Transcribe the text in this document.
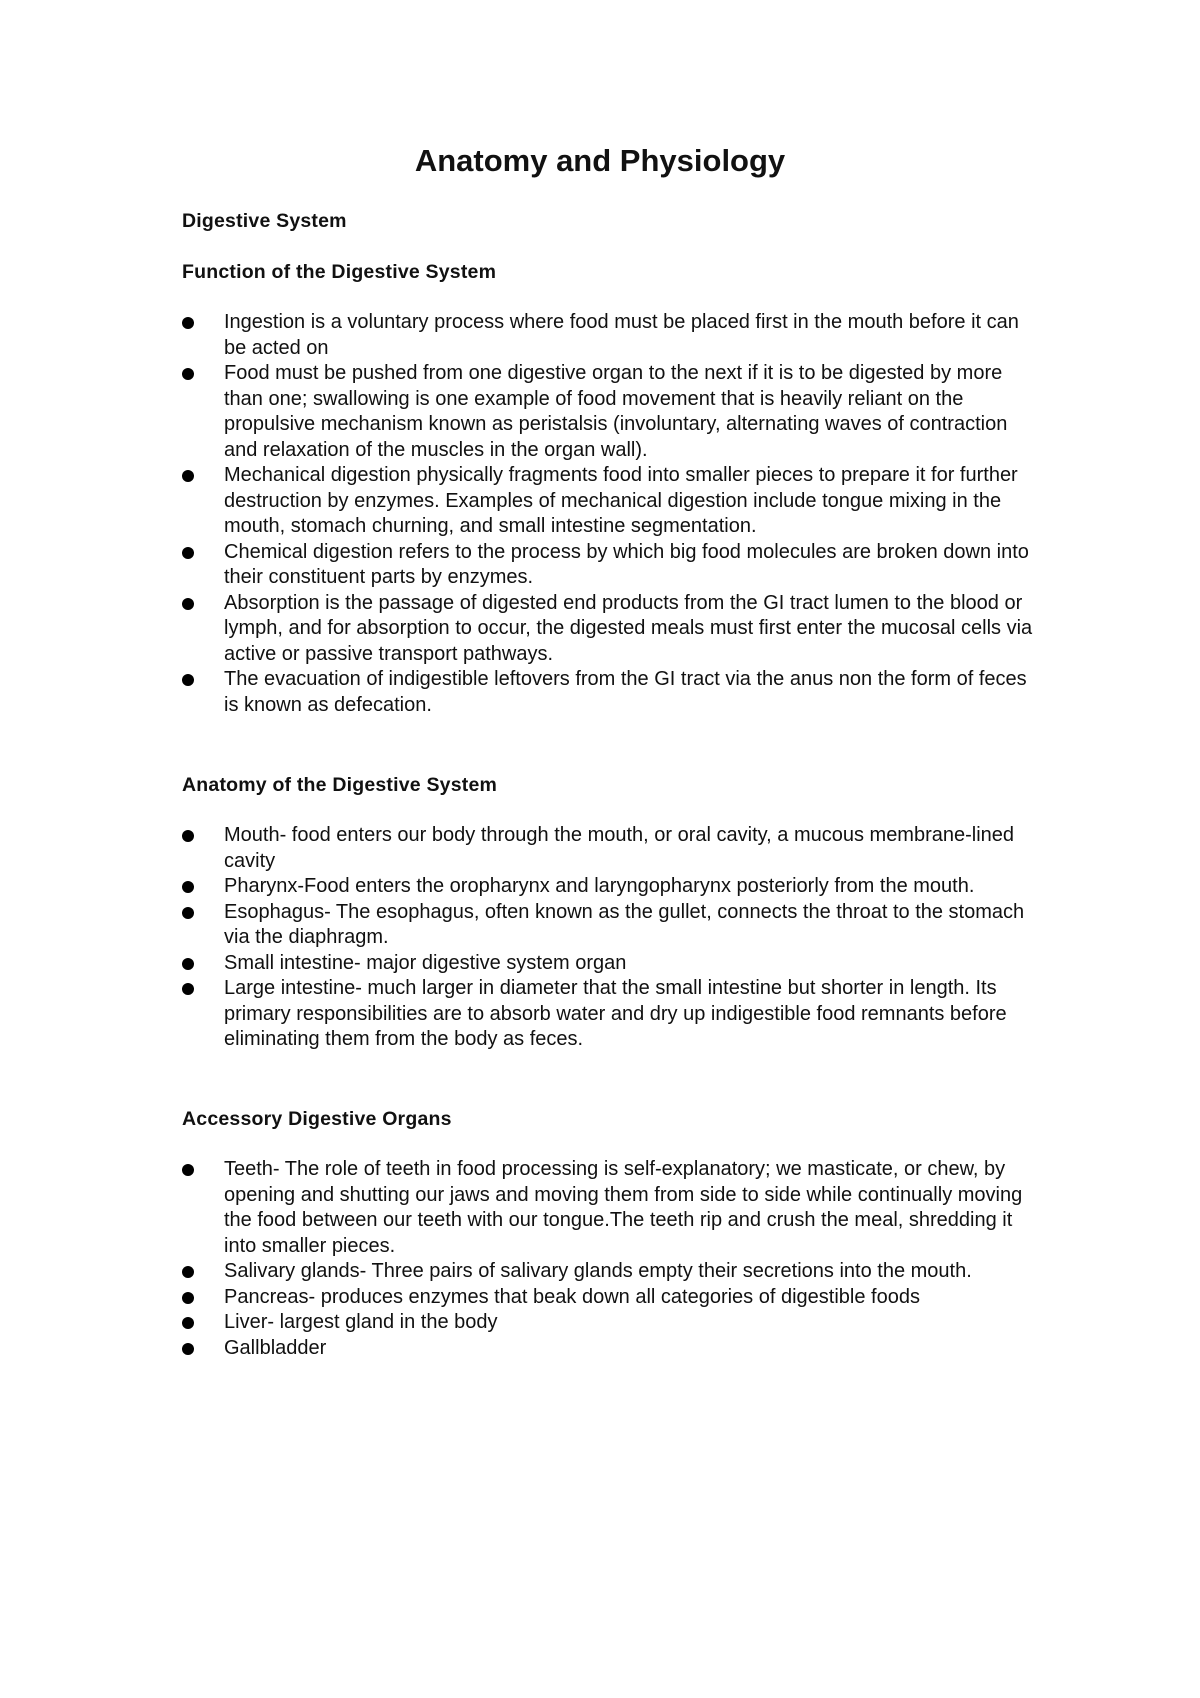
Anatomy and Physiology
Digestive System
Function of the Digestive System
Ingestion is a voluntary process where food must be placed first in the mouth before it can be acted on
Food must be pushed from one digestive organ to the next if it is to be digested by more than one; swallowing is one example of food movement that is heavily reliant on the propulsive mechanism known as peristalsis (involuntary, alternating waves of contraction and relaxation of the muscles in the organ wall).
Mechanical digestion physically fragments food into smaller pieces to prepare it for further destruction by enzymes. Examples of mechanical digestion include tongue mixing in the mouth, stomach churning, and small intestine segmentation.
Chemical digestion refers to the process by which big food molecules are broken down into their constituent parts by enzymes.
Absorption is the passage of digested end products from the GI tract lumen to the blood or lymph, and for absorption to occur, the digested meals must first enter the mucosal cells via active or passive transport pathways.
The evacuation of indigestible leftovers from the GI tract via the anus non the form of feces is known as defecation.
Anatomy of the Digestive System
Mouth- food enters our body through the mouth, or oral cavity, a mucous membrane-lined cavity
Pharynx-Food enters the oropharynx and laryngopharynx posteriorly from the mouth.
Esophagus- The esophagus, often known as the gullet, connects the throat to the stomach via the diaphragm.
Small intestine- major digestive system organ
Large intestine- much larger in diameter that the small intestine but shorter in length. Its primary responsibilities are to absorb water and dry up indigestible food remnants before eliminating them from the body as feces.
Accessory Digestive Organs
Teeth- The role of teeth in food processing is self-explanatory; we masticate, or chew, by opening and shutting our jaws and moving them from side to side while continually moving the food between our teeth with our tongue.The teeth rip and crush the meal, shredding it into smaller pieces.
Salivary glands- Three pairs of salivary glands empty their secretions into the mouth.
Pancreas- produces enzymes that beak down all categories of digestible foods
Liver- largest gland in the body
Gallbladder
